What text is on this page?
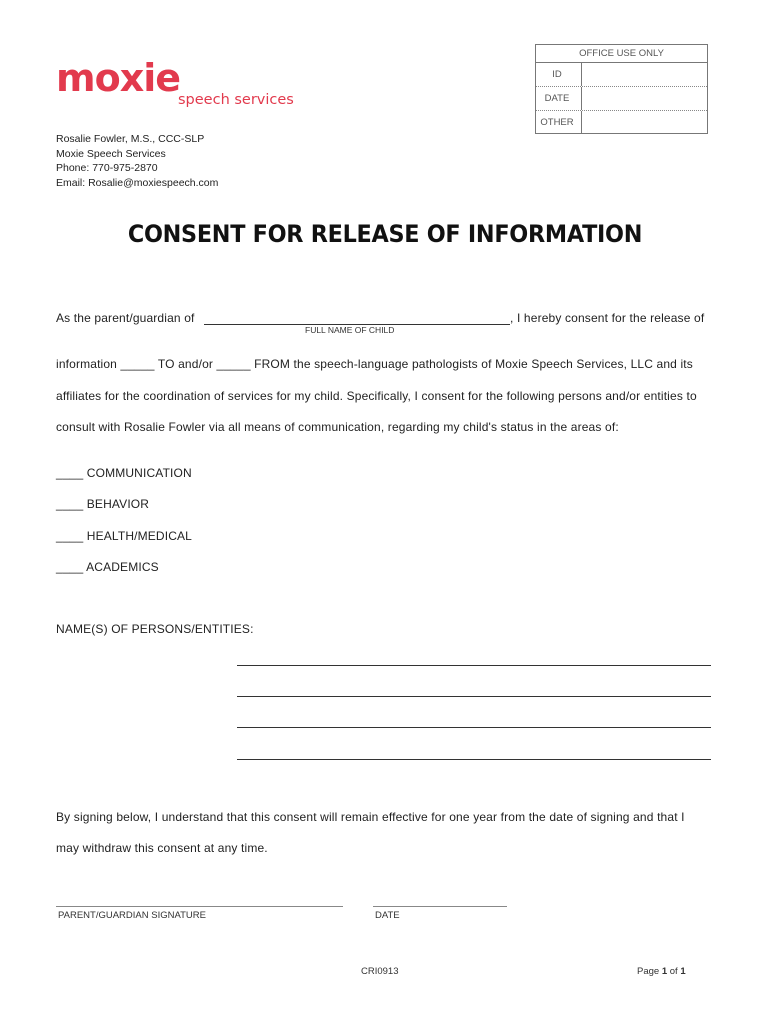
moxie
speech services
OFFICE USE ONLY
ID
DATE
OTHER
Rosalie Fowler, M.S., CCC-SLP
Moxie Speech Services
Phone: 770-975-2870
Email: Rosalie@moxiespeech.com
CONSENT FOR RELEASE OF INFORMATION
As the parent/guardian of	, I hereby consent for the release of
FULL NAME OF CHILD
information _____ TO and/or _____ FROM the speech-language pathologists of Moxie Speech Services, LLC and its
affiliates for the coordination of services for my child. Specifically, I consent for the following persons and/or entities to
consult with Rosalie Fowler via all means of communication, regarding my child's status in the areas of:
____ COMMUNICATION
____ BEHAVIOR
____ HEALTH/MEDICAL
____ ACADEMICS
NAME(S) OF PERSONS/ENTITIES:
By signing below, I understand that this consent will remain effective for one year from the date of signing and that I
may withdraw this consent at any time.
PARENT/GUARDIAN SIGNATURE	DATE
CRI0913	Page 1 of 1
